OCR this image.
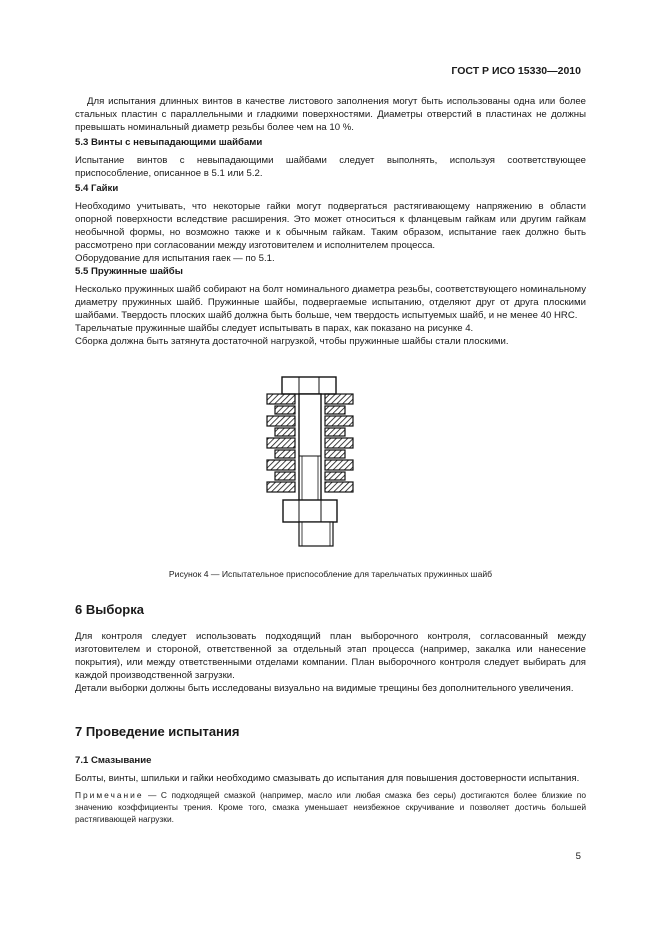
ГОСТ Р ИСО 15330—2010

Для испытания длинных винтов в качестве листового заполнения могут быть использованы одна или более стальных пластин с параллельными и гладкими поверхностями. Диаметры отверстий в пластинах не должны превышать номинальный диаметр резьбы более чем на 10 %.

5.3 Винты с невыпадающими шайбами

Испытание винтов с невыпадающими шайбами следует выполнять, используя соответствующее приспособление, описанное в 5.1 или 5.2.

5.4 Гайки

Необходимо учитывать, что некоторые гайки могут подвергаться растягивающему напряжению в области опорной поверхности вследствие расширения. Это может относиться к фланцевым гайкам или другим гайкам необычной формы, но возможно также и к обычным гайкам. Таким образом, испытание гаек должно быть рассмотрено при согласовании между изготовителем и исполнителем процесса.

Оборудование для испытания гаек — по 5.1.

5.5 Пружинные шайбы

Несколько пружинных шайб собирают на болт номинального диаметра резьбы, соответствующего номинальному диаметру пружинных шайб. Пружинные шайбы, подвергаемые испытанию, отделяют друг от друга плоскими шайбами. Твердость плоских шайб должна быть больше, чем твердость испытуемых шайб, и не менее 40 HRC.

Тарельчатые пружинные шайбы следует испытывать в парах, как показано на рисунке 4.

Сборка должна быть затянута достаточной нагрузкой, чтобы пружинные шайбы стали плоскими.

Рисунок 4 — Испытательное приспособление для тарельчатых пружинных шайб

6 Выборка

Для контроля следует использовать подходящий план выборочного контроля, согласованный между изготовителем и стороной, ответственной за отдельный этап процесса (например, закалка или нанесение покрытия), или между ответственными отделами компании. План выборочного контроля следует выбирать для каждой производственной загрузки.

Детали выборки должны быть исследованы визуально на видимые трещины без дополнительного увеличения.

7 Проведение испытания

7.1 Смазывание

Болты, винты, шпильки и гайки необходимо смазывать до испытания для повышения достоверности испытания.

Примечание — С подходящей смазкой (например, масло или любая смазка без серы) достигаются более близкие по значению коэффициенты трения. Кроме того, смазка уменьшает неизбежное скручивание и позволяет достичь большей растягивающей нагрузки.

5
